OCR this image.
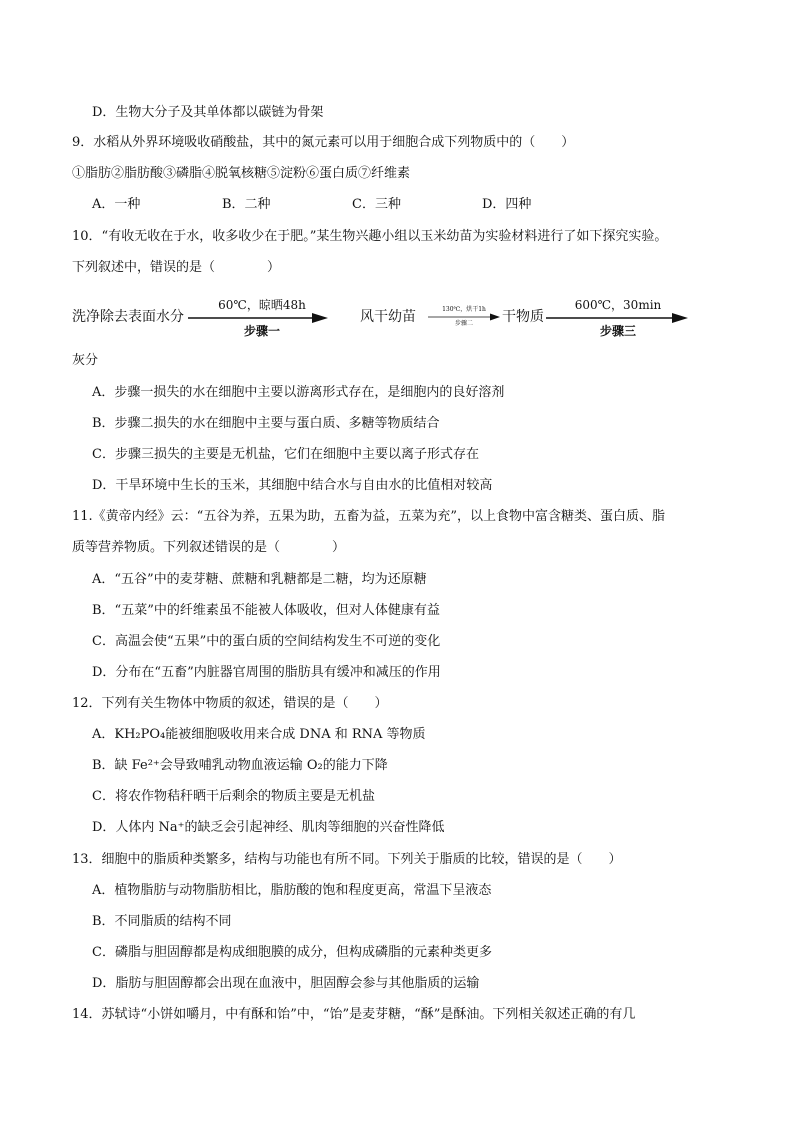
D．生物大分子及其单体都以碳链为骨架
9．水稻从外界环境吸收硝酸盐，其中的氮元素可以用于细胞合成下列物质中的（　　）
①脂肪②脂肪酸③磷脂④脱氧核糖⑤淀粉⑥蛋白质⑦纤维素
A．一种	B．二种	C．三种	D．四种
10．“有收无收在于水，收多收少在于肥。”某生物兴趣小组以玉米幼苗为实验材料进行了如下探究实验。
下列叙述中，错误的是（　　　　）
洗净除去表面水分
60℃，晾晒48h
步骤一
风干幼苗	130℃，烘干1h
步骤二	干物质
600℃，30min
步骤三
灰分
A．步骤一损失的水在细胞中主要以游离形式存在，是细胞内的良好溶剂
B．步骤二损失的水在细胞中主要与蛋白质、多糖等物质结合
C．步骤三损失的主要是无机盐，它们在细胞中主要以离子形式存在
D．干旱环境中生长的玉米，其细胞中结合水与自由水的比值相对较高
11.《黄帝内经》云：“五谷为养，五果为助，五畜为益，五菜为充”，以上食物中富含糖类、蛋白质、脂
质等营养物质。下列叙述错误的是（　　　　）
A．“五谷”中的麦芽糖、蔗糖和乳糖都是二糖，均为还原糖
B．“五菜”中的纤维素虽不能被人体吸收，但对人体健康有益
C．高温会使“五果”中的蛋白质的空间结构发生不可逆的变化
D．分布在“五畜”内脏器官周围的脂肪具有缓冲和减压的作用
12．下列有关生物体中物质的叙述，错误的是（　　）
A．KH₂PO₄能被细胞吸收用来合成 DNA 和 RNA 等物质
B．缺 Fe²⁺会导致哺乳动物血液运输 O₂的能力下降
C．将农作物秸秆晒干后剩余的物质主要是无机盐
D．人体内 Na⁺的缺乏会引起神经、肌肉等细胞的兴奋性降低
13．细胞中的脂质种类繁多，结构与功能也有所不同。下列关于脂质的比较，错误的是（　　）
A．植物脂肪与动物脂肪相比，脂肪酸的饱和程度更高，常温下呈液态
B．不同脂质的结构不同
C．磷脂与胆固醇都是构成细胞膜的成分，但构成磷脂的元素种类更多
D．脂肪与胆固醇都会出现在血液中，胆固醇会参与其他脂质的运输
14．苏轼诗“小饼如嚼月，中有酥和饴”中，“饴”是麦芽糖，“酥”是酥油。下列相关叙述正确的有几
